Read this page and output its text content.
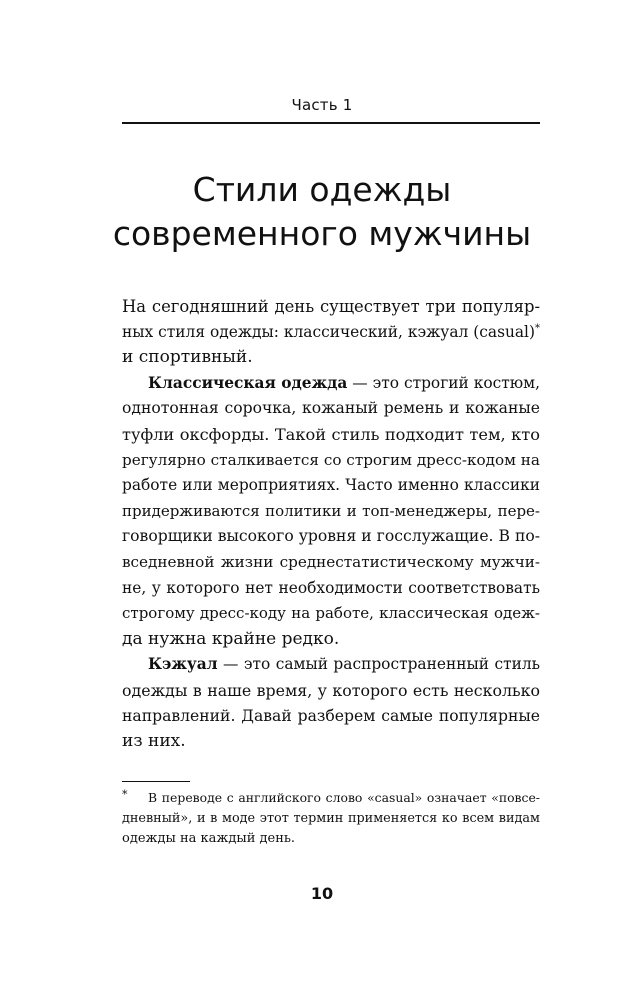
Часть 1
Стили одежды
современного мужчины
На сегодняшний день существует три популяр-
ных стиля одежды: классический, кэжуал (casual)*
и спортивный.
Классическая одежда — это строгий костюм,
однотонная сорочка, кожаный ремень и кожаные
туфли оксфорды. Такой стиль подходит тем, кто
регулярно сталкивается со строгим дресс-кодом на
работе или мероприятиях. Часто именно классики
придерживаются политики и топ-менеджеры, пере-
говорщики высокого уровня и госслужащие. В по-
вседневной жизни среднестатистическому мужчи-
не, у которого нет необходимости соответствовать
строгому дресс-коду на работе, классическая одеж-
да нужна крайне редко.
Кэжуал — это самый распространенный стиль
одежды в наше время, у которого есть несколько
направлений. Давай разберем самые популярные
из них.
* В переводе с английского слово «casual» означает «повсе-
дневный», и в моде этот термин применяется ко всем видам
одежды на каждый день.
10
